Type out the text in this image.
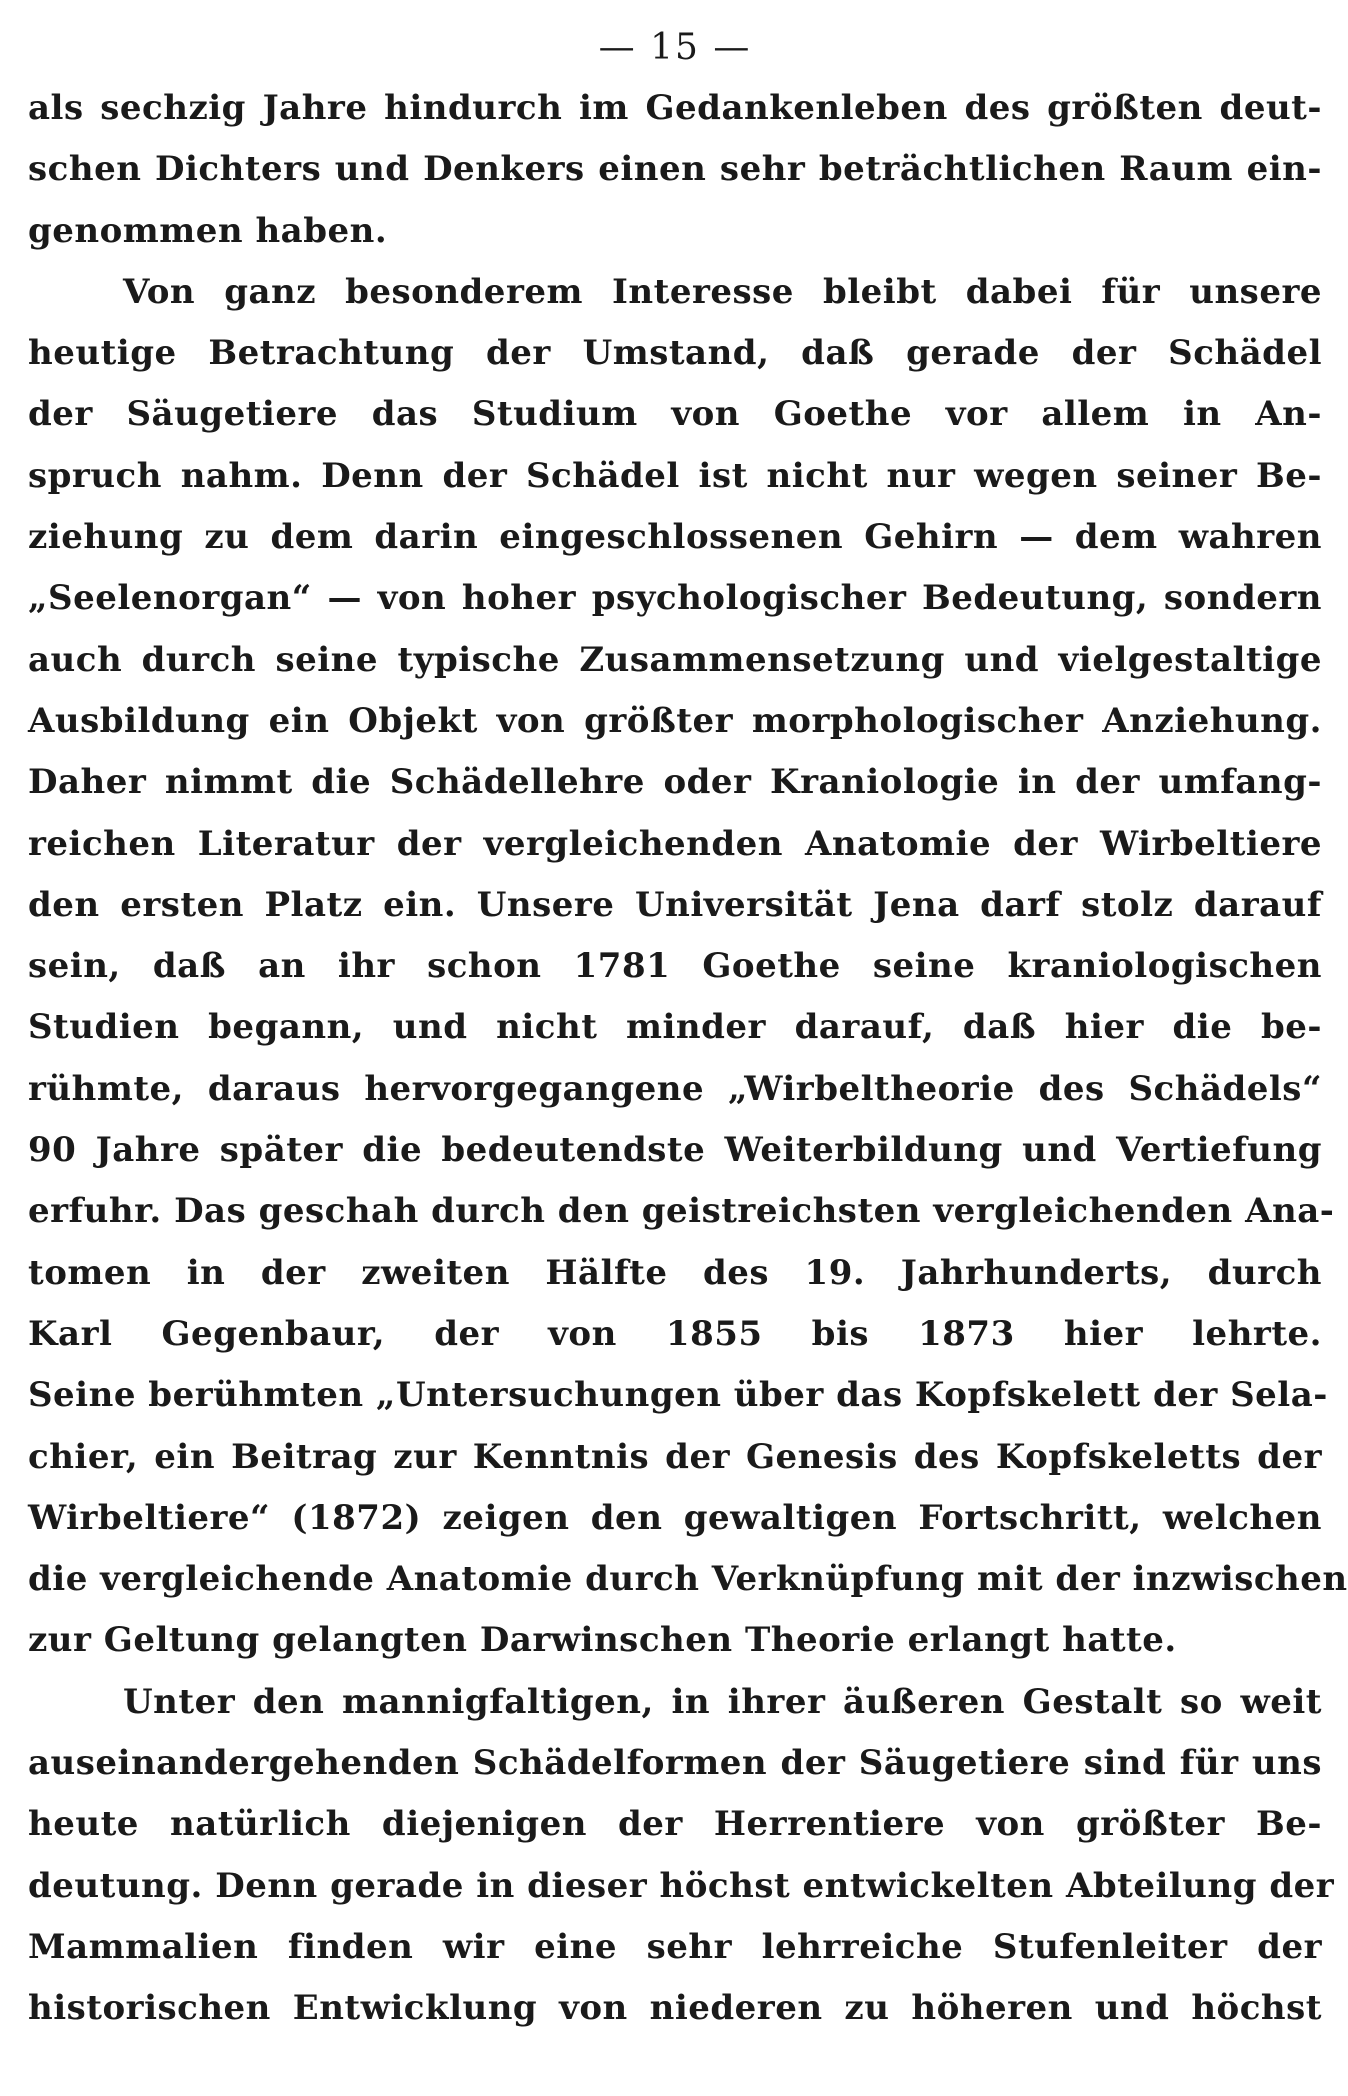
— 15 —
als sechzig Jahre hindurch im Gedankenleben des größten deut-
schen Dichters und Denkers einen sehr beträchtlichen Raum ein-
genommen haben.
Von ganz besonderem Interesse bleibt dabei für unsere
heutige Betrachtung der Umstand, daß gerade der Schädel
der Säugetiere das Studium von Goethe vor allem in An-
spruch nahm. Denn der Schädel ist nicht nur wegen seiner Be-
ziehung zu dem darin eingeschlossenen Gehirn — dem wahren
„Seelenorgan“ — von hoher psychologischer Bedeutung, sondern
auch durch seine typische Zusammensetzung und vielgestaltige
Ausbildung ein Objekt von größter morphologischer Anziehung.
Daher nimmt die Schädellehre oder Kraniologie in der umfang-
reichen Literatur der vergleichenden Anatomie der Wirbeltiere
den ersten Platz ein. Unsere Universität Jena darf stolz darauf
sein, daß an ihr schon 1781 Goethe seine kraniologischen
Studien begann, und nicht minder darauf, daß hier die be-
rühmte, daraus hervorgegangene „Wirbeltheorie des Schädels“
90 Jahre später die bedeutendste Weiterbildung und Vertiefung
erfuhr. Das geschah durch den geistreichsten vergleichenden Ana-
tomen in der zweiten Hälfte des 19. Jahrhunderts, durch
Karl Gegenbaur, der von 1855 bis 1873 hier lehrte.
Seine berühmten „Untersuchungen über das Kopfskelett der Sela-
chier, ein Beitrag zur Kenntnis der Genesis des Kopfskeletts der
Wirbeltiere“ (1872) zeigen den gewaltigen Fortschritt, welchen
die vergleichende Anatomie durch Verknüpfung mit der inzwischen
zur Geltung gelangten Darwinschen Theorie erlangt hatte.
Unter den mannigfaltigen, in ihrer äußeren Gestalt so weit
auseinandergehenden Schädelformen der Säugetiere sind für uns
heute natürlich diejenigen der Herrentiere von größter Be-
deutung. Denn gerade in dieser höchst entwickelten Abteilung der
Mammalien finden wir eine sehr lehrreiche Stufenleiter der
historischen Entwicklung von niederen zu höheren und höchst
